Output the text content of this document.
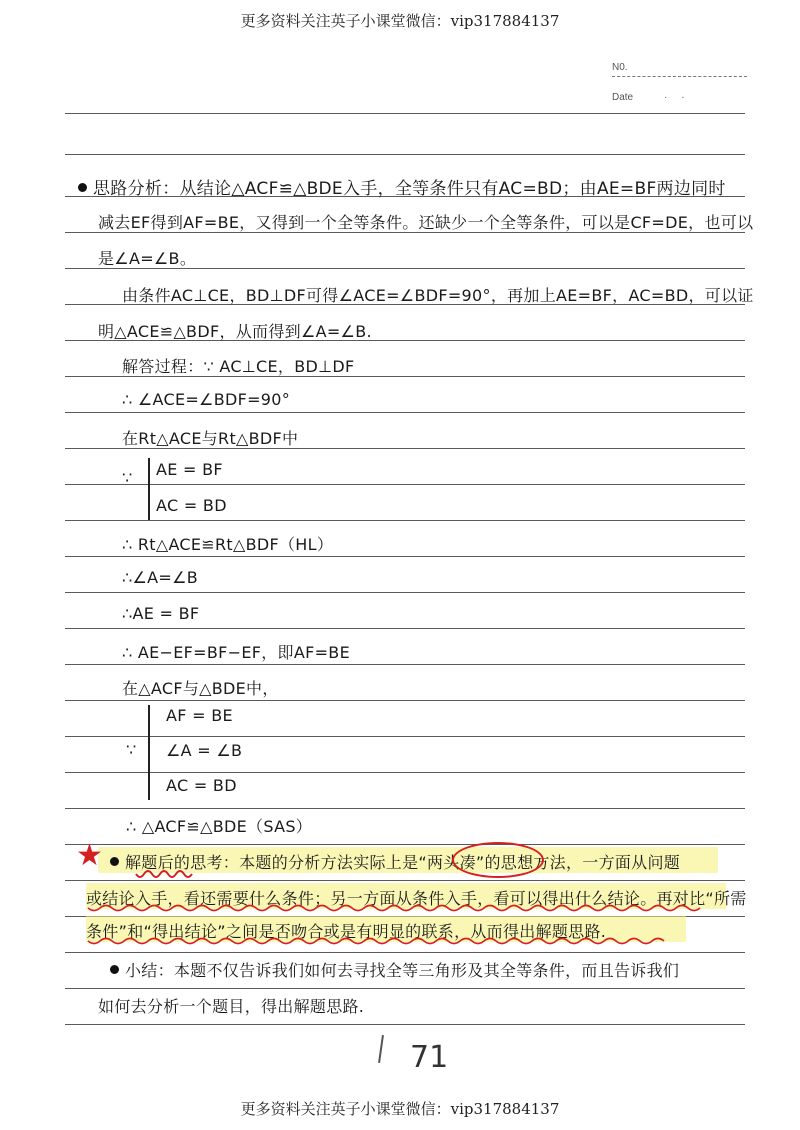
更多资料关注英子小课堂微信：vip317884137
N0.
Date	·     ·
思路分析：从结论△ACF≌△BDE入手，全等条件只有AC=BD；由AE=BF两边同时
减去EF得到AF=BE，又得到一个全等条件。还缺少一个全等条件，可以是CF=DE，也可以
是∠A=∠B。
由条件AC⊥CE，BD⊥DF可得∠ACE=∠BDF=90°，再加上AE=BF，AC=BD，可以证
明△ACE≌△BDF，从而得到∠A=∠B.
解答过程：∵ AC⊥CE，BD⊥DF
∴ ∠ACE=∠BDF=90°
在Rt△ACE与Rt△BDF中
∵ AE = BF
AC = BD
∴ Rt△ACE≌Rt△BDF（HL）
∴∠A=∠B
∴AE = BF
∴ AE−EF=BF−EF，即AF=BE
在△ACF与△BDE中，
∵
AF = BE
∠A = ∠B
AC = BD
∴ △ACF≌△BDE（SAS）
★	解题后的思考：本题的分析方法实际上是“两头凑”的思想方法，一方面从问题
或结论入手，看还需要什么条件；另一方面从条件入手，看可以得出什么结论。再对比“所需
条件”和“得出结论”之间是否吻合或是有明显的联系，从而得出解题思路.
小结：本题不仅告诉我们如何去寻找全等三角形及其全等条件，而且告诉我们
如何去分析一个题目，得出解题思路.
71
更多资料关注英子小课堂微信：vip317884137
